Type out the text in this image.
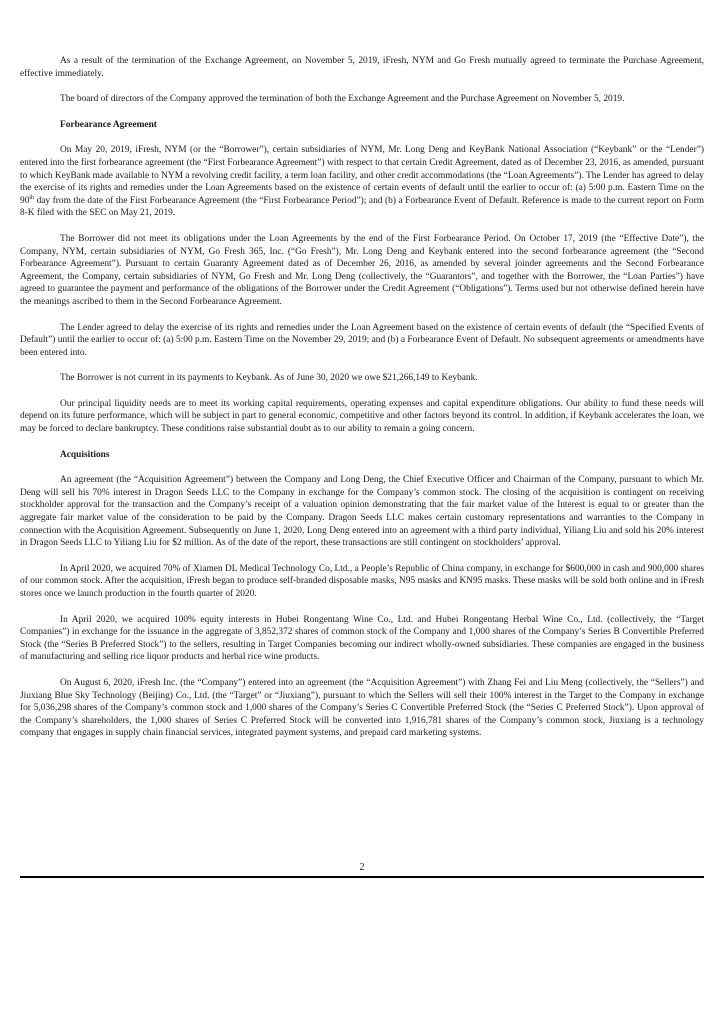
As a result of the termination of the Exchange Agreement, on November 5, 2019, iFresh, NYM and Go Fresh mutually agreed to terminate the Purchase Agreement, effective immediately.

The board of directors of the Company approved the termination of both the Exchange Agreement and the Purchase Agreement on November 5, 2019.

Forbearance Agreement

On May 20, 2019, iFresh, NYM (or the “Borrower”), certain subsidiaries of NYM, Mr. Long Deng and KeyBank National Association (“Keybank” or the “Lender”) entered into the first forbearance agreement (the “First Forbearance Agreement”) with respect to that certain Credit Agreement, dated as of December 23, 2016, as amended, pursuant to which KeyBank made available to NYM a revolving credit facility, a term loan facility, and other credit accommodations (the “Loan Agreements”). The Lender has agreed to delay the exercise of its rights and remedies under the Loan Agreements based on the existence of certain events of default until the earlier to occur of: (a) 5:00 p.m. Eastern Time on the 90th day from the date of the First Forbearance Agreement (the “First Forbearance Period”); and (b) a Forbearance Event of Default. Reference is made to the current report on Form 8-K filed with the SEC on May 21, 2019.

The Borrower did not meet its obligations under the Loan Agreements by the end of the First Forbearance Period. On October 17, 2019 (the “Effective Date”), the Company, NYM, certain subsidiaries of NYM, Go Fresh 365, Inc. (“Go Fresh”), Mr. Long Deng and Keybank entered into the second forbearance agreement (the “Second Forbearance Agreement”). Pursuant to certain Guaranty Agreement dated as of December 26, 2016, as amended by several joinder agreements and the Second Forbearance Agreement, the Company, certain subsidiaries of NYM, Go Fresh and Mr. Long Deng (collectively, the “Guarantors”, and together with the Borrower, the “Loan Parties”) have agreed to guarantee the payment and performance of the obligations of the Borrower under the Credit Agreement (“Obligations”). Terms used but not otherwise defined herein have the meanings ascribed to them in the Second Forbearance Agreement.

The Lender agreed to delay the exercise of its rights and remedies under the Loan Agreement based on the existence of certain events of default (the “Specified Events of Default”) until the earlier to occur of: (a) 5:00 p.m. Eastern Time on the November 29, 2019; and (b) a Forbearance Event of Default. No subsequent agreements or amendments have been entered into.

The Borrower is not current in its payments to Keybank. As of June 30, 2020 we owe $21,266,149 to Keybank.

Our principal liquidity needs are to meet its working capital requirements, operating expenses and capital expenditure obligations. Our ability to fund these needs will depend on its future performance, which will be subject in part to general economic, competitive and other factors beyond its control. In addition, if Keybank accelerates the loan, we may be forced to declare bankruptcy. These conditions raise substantial doubt as to our ability to remain a going concern.

Acquisitions

An agreement (the “Acquisition Agreement”) between the Company and Long Deng, the Chief Executive Officer and Chairman of the Company, pursuant to which Mr. Deng will sell his 70% interest in Dragon Seeds LLC to the Company in exchange for the Company’s common stock. The closing of the acquisition is contingent on receiving stockholder approval for the transaction and the Company’s receipt of a valuation opinion demonstrating that the fair market value of the Interest is equal to or greater than the aggregate fair market value of the consideration to be paid by the Company. Dragon Seeds LLC makes certain customary representations and warranties to the Company in connection with the Acquisition Agreement. Subsequently on June 1, 2020, Long Deng entered into an agreement with a third party individual, Yiliang Liu and sold his 20% interest in Dragon Seeds LLC to Yiliang Liu for $2 million. As of the date of the report, these transactions are still contingent on stockholders’ approval.

In April 2020, we acquired 70% of Xiamen DL Medical Technology Co, Ltd., a People’s Republic of China company, in exchange for $600,000 in cash and 900,000 shares of our common stock. After the acquisition, iFresh began to produce self-branded disposable masks, N95 masks and KN95 masks. These masks will be sold both online and in iFresh stores once we launch production in the fourth quarter of 2020.

In April 2020, we acquired 100% equity interests in Hubei Rongentang Wine Co., Ltd. and Hubei Rongentang Herbal Wine Co., Ltd. (collectively, the “Target Companies”) in exchange for the issuance in the aggregate of 3,852,372 shares of common stock of the Company and 1,000 shares of the Company’s Series B Convertible Preferred Stock (the “Series B Preferred Stock”) to the sellers, resulting in Target Companies becoming our indirect wholly-owned subsidiaries. These companies are engaged in the business of manufacturing and selling rice liquor products and herbal rice wine products.

On August 6, 2020, iFresh Inc. (the “Company”) entered into an agreement (the “Acquisition Agreement”) with Zhang Fei and Liu Meng (collectively, the “Sellers”) and Jiuxiang Blue Sky Technology (Beijing) Co., Ltd. (the “Target” or “Jiuxiang”), pursuant to which the Sellers will sell their 100% interest in the Target to the Company in exchange for 5,036,298 shares of the Company’s common stock and 1,000 shares of the Company’s Series C Convertible Preferred Stock (the “Series C Preferred Stock”). Upon approval of the Company’s shareholders, the 1,000 shares of Series C Preferred Stock will be converted into 1,916,781 shares of the Company’s common stock, Jiuxiang is a technology company that engages in supply chain financial services, integrated payment systems, and prepaid card marketing systems.

2
